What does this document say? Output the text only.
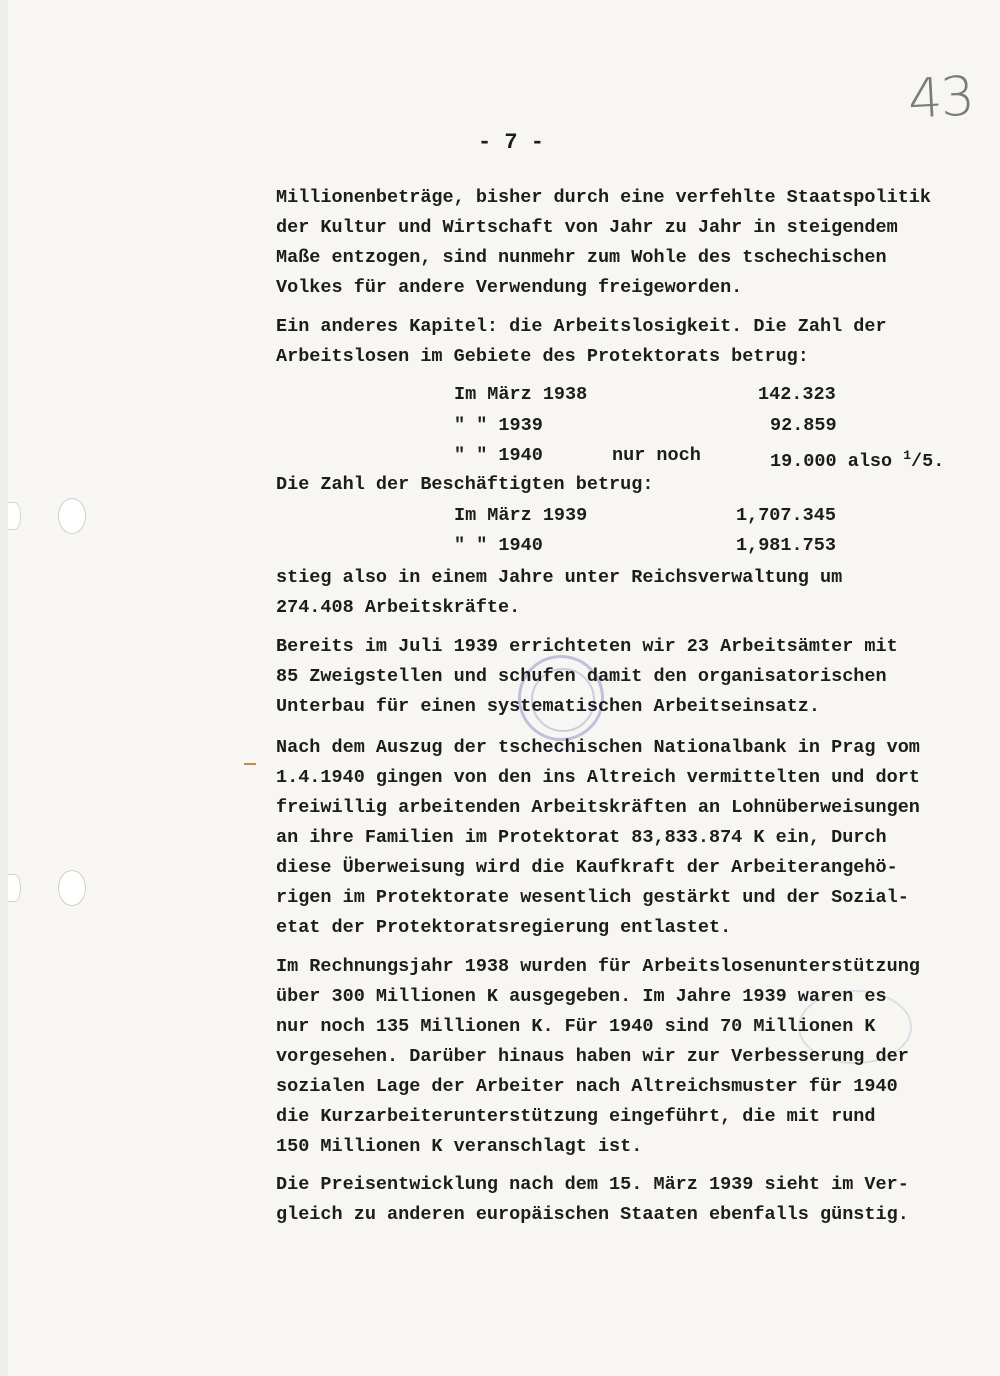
43
- 7 -
Millionenbeträge, bisher durch eine verfehlte Staatspolitik
der Kultur und Wirtschaft von Jahr zu Jahr in steigendem
Maße entzogen, sind nunmehr zum Wohle des tschechischen
Volkes für andere Verwendung freigeworden.
Ein anderes Kapitel: die Arbeitslosigkeit. Die Zahl der
Arbeitslosen im Gebiete des Protektorats betrug:
Im März 1938	142.323
" " 1939	92.859
" " 1940	nur noch	19.000 also $^1$/5.
Die Zahl der Beschäftigten betrug:
Im März 1939	1,707.345
" " 1940	1,981.753
stieg also in einem Jahre unter Reichsverwaltung um
274.408 Arbeitskräfte.
Bereits im Juli 1939 errichteten wir 23 Arbeitsämter mit
85 Zweigstellen und schufen damit den organisatorischen
Unterbau für einen systematischen Arbeitseinsatz.
Nach dem Auszug der tschechischen Nationalbank in Prag vom
1.4.1940 gingen von den ins Altreich vermittelten und dort
freiwillig arbeitenden Arbeitskräften an Lohnüberweisungen
an ihre Familien im Protektorat 83,833.874 K ein, Durch
diese Überweisung wird die Kaufkraft der Arbeiterangehö-
rigen im Protektorate wesentlich gestärkt und der Sozial-
etat der Protektoratsregierung entlastet.
Im Rechnungsjahr 1938 wurden für Arbeitslosenunterstützung
über 300 Millionen K ausgegeben. Im Jahre 1939 waren es
nur noch 135 Millionen K. Für 1940 sind 70 Millionen K
vorgesehen. Darüber hinaus haben wir zur Verbesserung der
sozialen Lage der Arbeiter nach Altreichsmuster für 1940
die Kurzarbeiterunterstützung eingeführt, die mit rund
150 Millionen K veranschlagt ist.
Die Preisentwicklung nach dem 15. März 1939 sieht im Ver-
gleich zu anderen europäischen Staaten ebenfalls günstig.
